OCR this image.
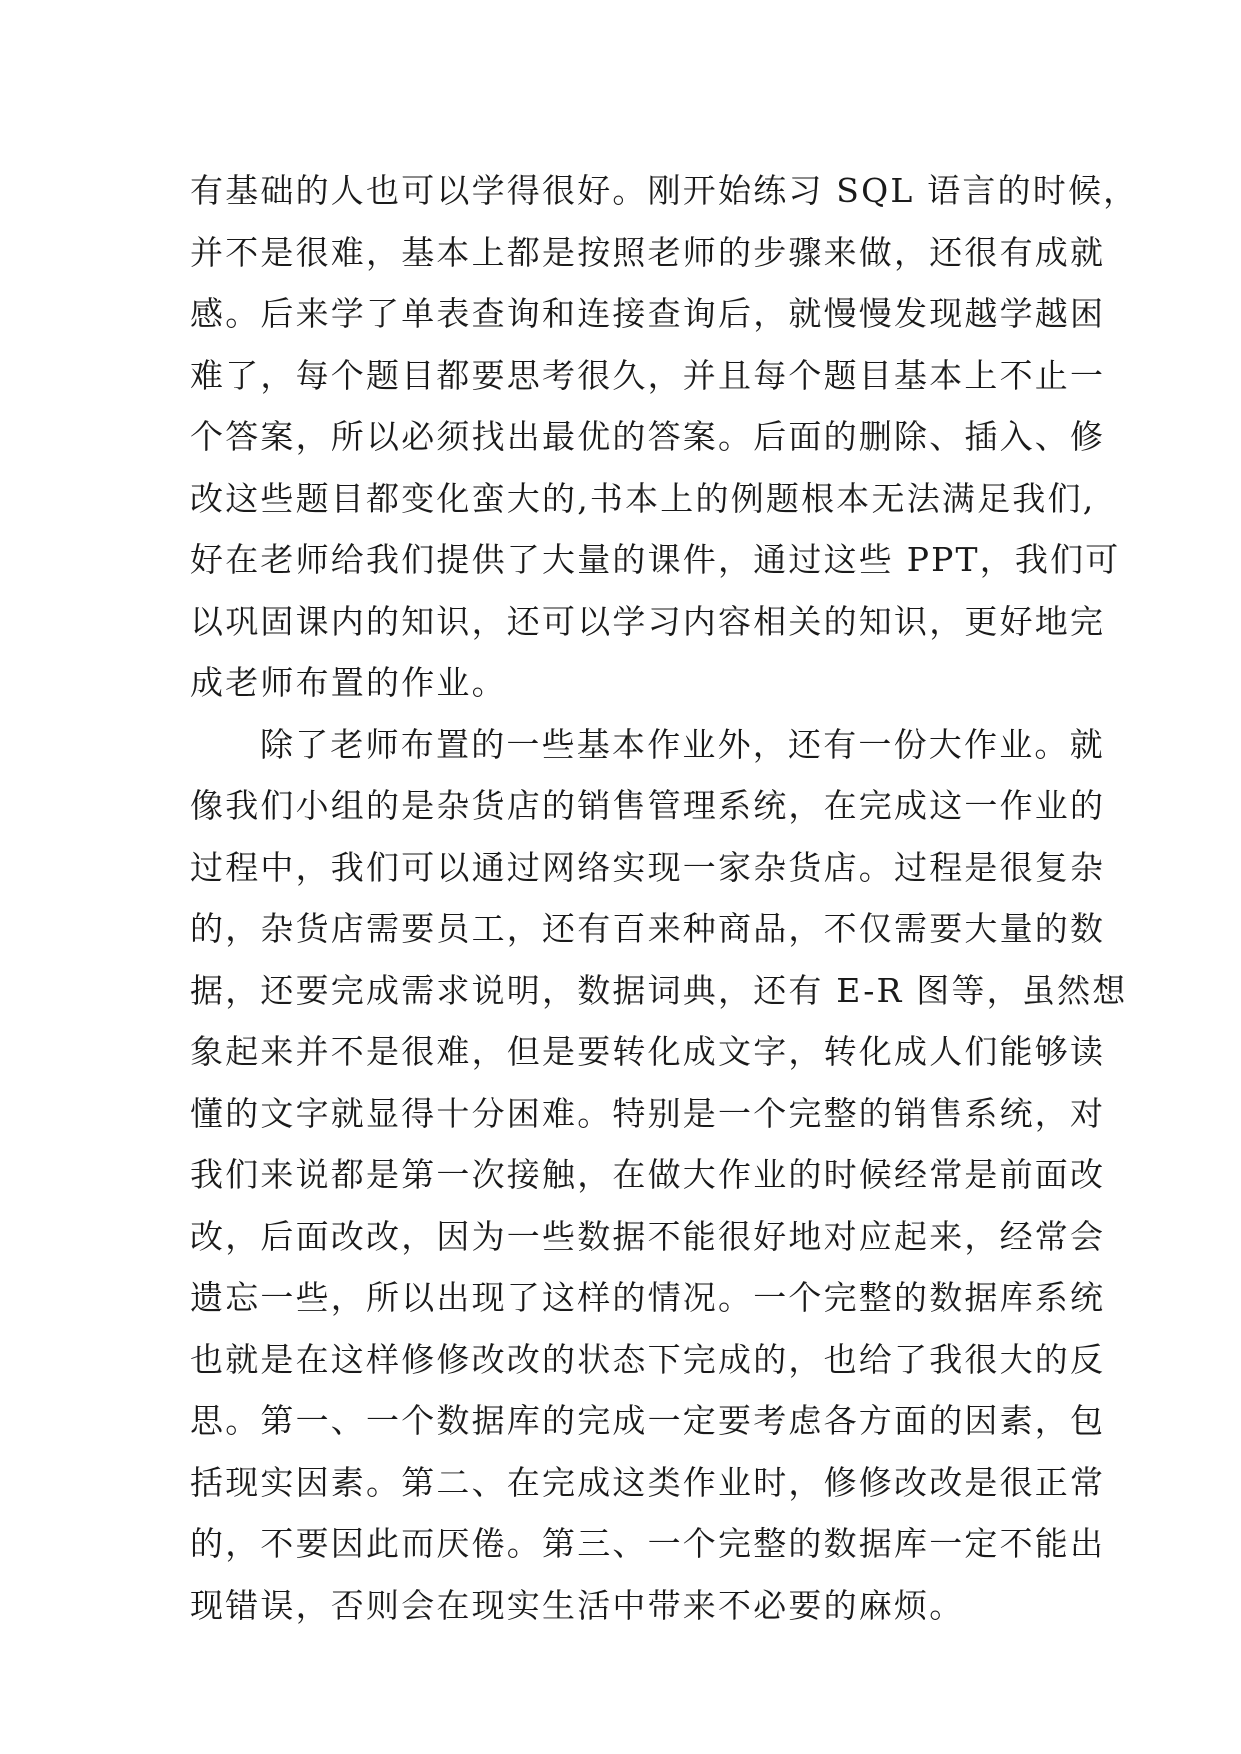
有基础的人也可以学得很好。刚开始练习 SQL 语言的时候，
并不是很难，基本上都是按照老师的步骤来做，还很有成就
感。后来学了单表查询和连接查询后，就慢慢发现越学越困
难了，每个题目都要思考很久，并且每个题目基本上不止一
个答案，所以必须找出最优的答案。后面的删除、插入、修
改这些题目都变化蛮大的,书本上的例题根本无法满足我们,
好在老师给我们提供了大量的课件，通过这些 PPT，我们可
以巩固课内的知识，还可以学习内容相关的知识，更好地完
成老师布置的作业。
除了老师布置的一些基本作业外，还有一份大作业。就
像我们小组的是杂货店的销售管理系统，在完成这一作业的
过程中，我们可以通过网络实现一家杂货店。过程是很复杂
的，杂货店需要员工，还有百来种商品，不仅需要大量的数
据，还要完成需求说明，数据词典，还有 E-R 图等，虽然想
象起来并不是很难，但是要转化成文字，转化成人们能够读
懂的文字就显得十分困难。特别是一个完整的销售系统，对
我们来说都是第一次接触，在做大作业的时候经常是前面改
改，后面改改，因为一些数据不能很好地对应起来，经常会
遗忘一些，所以出现了这样的情况。一个完整的数据库系统
也就是在这样修修改改的状态下完成的，也给了我很大的反
思。第一、一个数据库的完成一定要考虑各方面的因素，包
括现实因素。第二、在完成这类作业时，修修改改是很正常
的，不要因此而厌倦。第三、一个完整的数据库一定不能出
现错误，否则会在现实生活中带来不必要的麻烦。
